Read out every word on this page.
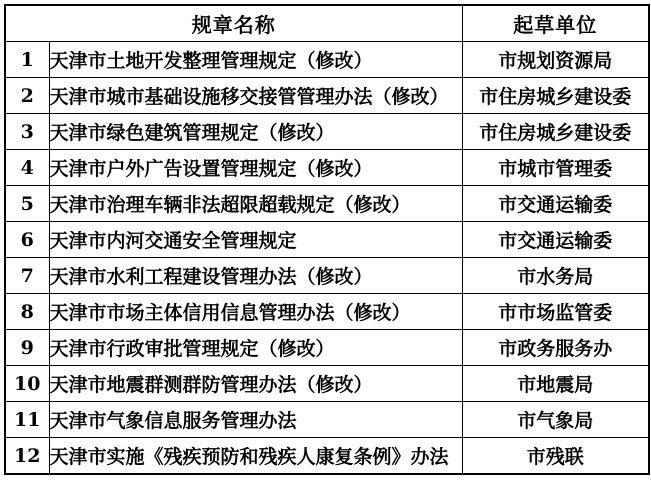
规章名称		起草单位
1	天津市土地开发整理管理规定（修改）	市规划资源局
2	天津市城市基础设施移交接管管理办法（修改）	市住房城乡建设委
3	天津市绿色建筑管理规定（修改）	市住房城乡建设委
4	天津市户外广告设置管理规定（修改）	市城市管理委
5	天津市治理车辆非法超限超载规定（修改）	市交通运输委
6	天津市内河交通安全管理规定	市交通运输委
7	天津市水利工程建设管理办法（修改）	市水务局
8	天津市市场主体信用信息管理办法（修改）	市市场监管委
9	天津市行政审批管理规定（修改）	市政务服务办
10	天津市地震群测群防管理办法（修改）	市地震局
11	天津市气象信息服务管理办法	市气象局
12	天津市实施《残疾预防和残疾人康复条例》办法	市残联
